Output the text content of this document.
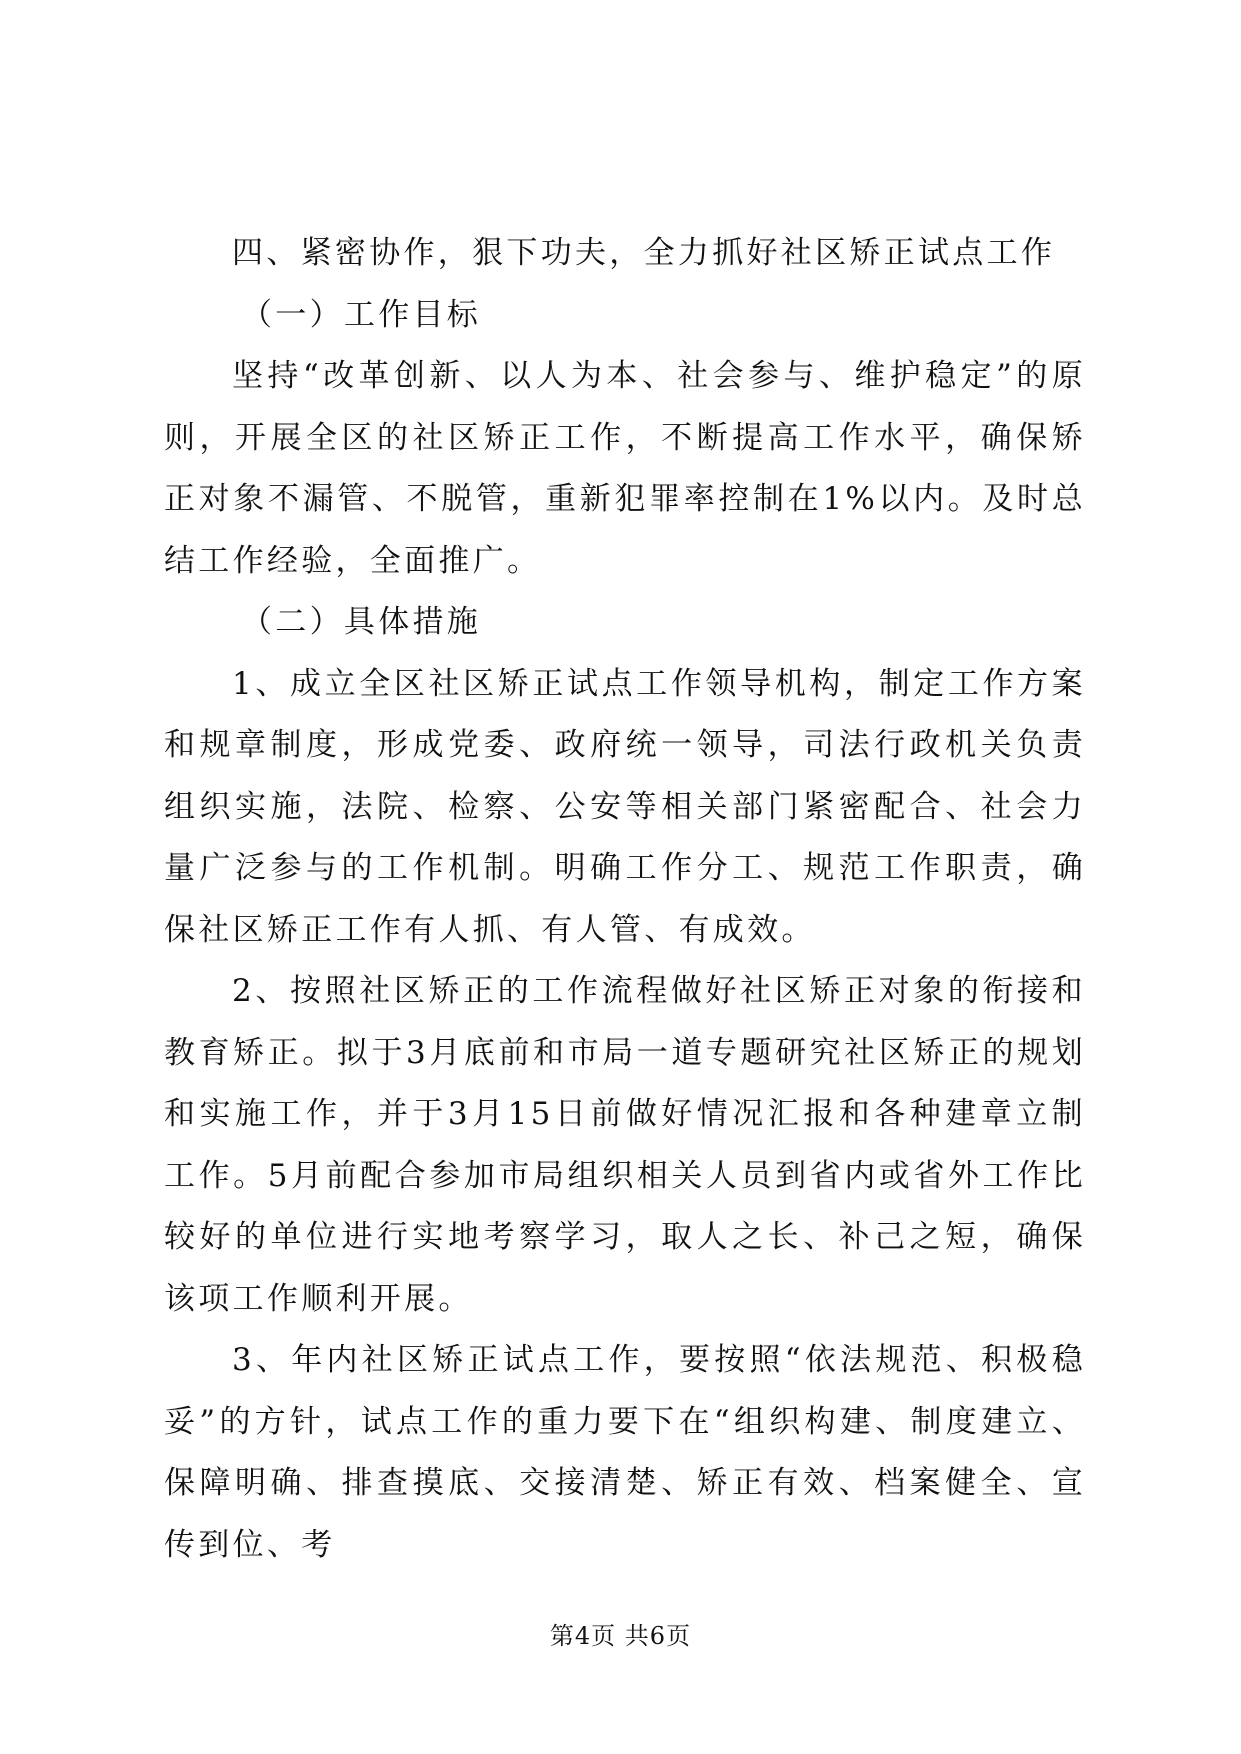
四、紧密协作，狠下功夫，全力抓好社区矫正试点工作

（一）工作目标

坚持“改革创新、以人为本、社会参与、维护稳定”的原则，开展全区的社区矫正工作，不断提高工作水平，确保矫正对象不漏管、不脱管，重新犯罪率控制在1%以内。及时总结工作经验，全面推广。

（二）具体措施

1、成立全区社区矫正试点工作领导机构，制定工作方案和规章制度，形成党委、政府统一领导，司法行政机关负责组织实施，法院、检察、公安等相关部门紧密配合、社会力量广泛参与的工作机制。明确工作分工、规范工作职责，确保社区矫正工作有人抓、有人管、有成效。

2、按照社区矫正的工作流程做好社区矫正对象的衔接和教育矫正。拟于3月底前和市局一道专题研究社区矫正的规划和实施工作，并于3月15日前做好情况汇报和各种建章立制工作。5月前配合参加市局组织相关人员到省内或省外工作比较好的单位进行实地考察学习，取人之长、补己之短，确保该项工作顺利开展。

3、年内社区矫正试点工作，要按照“依法规范、积极稳妥”的方针，试点工作的重力要下在“组织构建、制度建立、保障明确、排查摸底、交接清楚、矫正有效、档案健全、宣传到位、考

第4页 共6页
